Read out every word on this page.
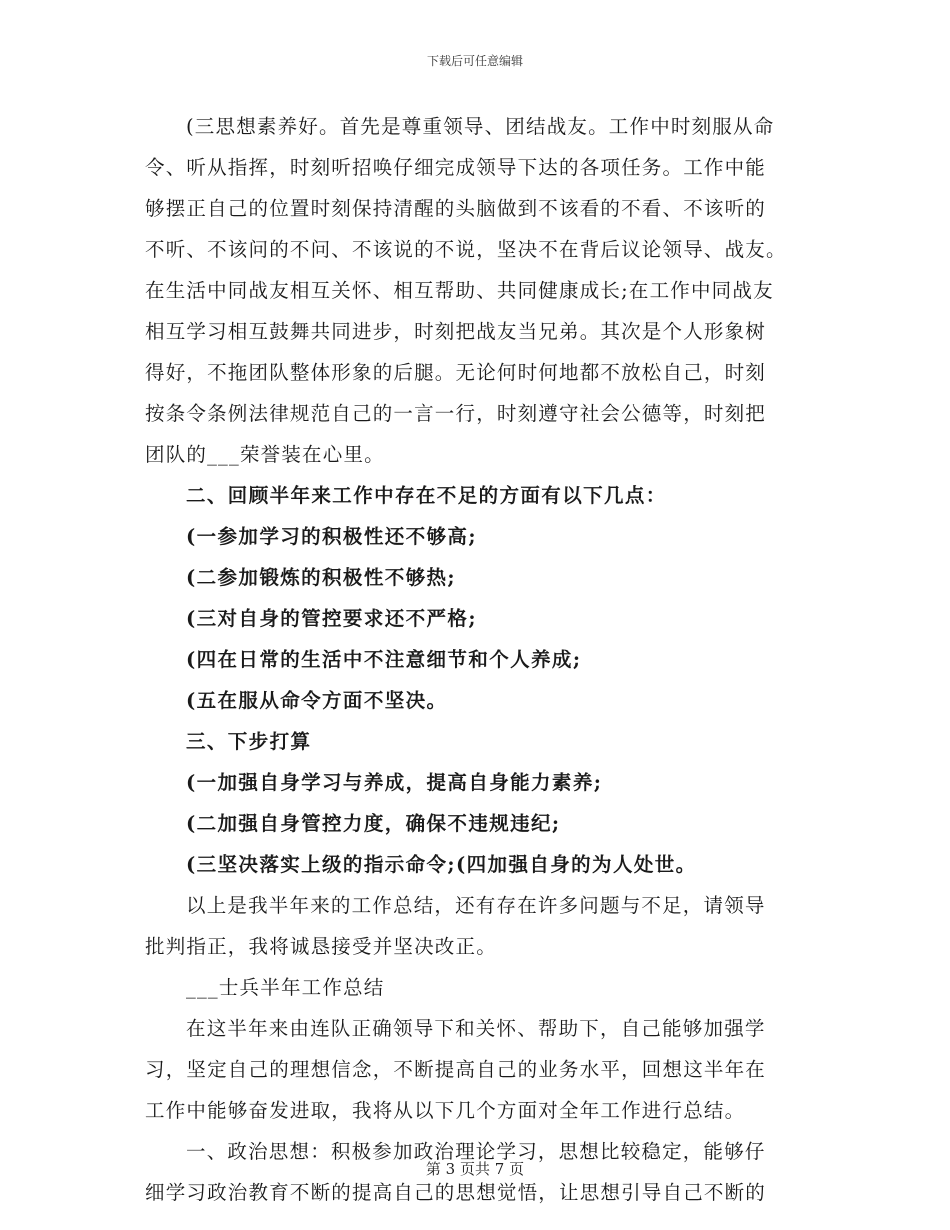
下载后可任意编辑

(三思想素养好。首先是尊重领导、团结战友。工作中时刻服从命

令、听从指挥，时刻听招唤仔细完成领导下达的各项任务。工作中能

够摆正自己的位置时刻保持清醒的头脑做到不该看的不看、不该听的

不听、不该问的不问、不该说的不说，坚决不在背后议论领导、战友。

在生活中同战友相互关怀、相互帮助、共同健康成长;在工作中同战友

相互学习相互鼓舞共同进步，时刻把战友当兄弟。其次是个人形象树

得好，不拖团队整体形象的后腿。无论何时何地都不放松自己，时刻

按条令条例法律规范自己的一言一行，时刻遵守社会公德等，时刻把

团队的___荣誉装在心里。

二、回顾半年来工作中存在不足的方面有以下几点：

(一参加学习的积极性还不够高;

(二参加锻炼的积极性不够热;

(三对自身的管控要求还不严格;

(四在日常的生活中不注意细节和个人养成;

(五在服从命令方面不坚决。

三、下步打算

(一加强自身学习与养成，提高自身能力素养;

(二加强自身管控力度，确保不违规违纪;

(三坚决落实上级的指示命令;(四加强自身的为人处世。

以上是我半年来的工作总结，还有存在许多问题与不足，请领导

批判指正，我将诚恳接受并坚决改正。

___士兵半年工作总结

在这半年来由连队正确领导下和关怀、帮助下，自己能够加强学

习，坚定自己的理想信念，不断提高自己的业务水平，回想这半年在

工作中能够奋发进取，我将从以下几个方面对全年工作进行总结。

一、政治思想：积极参加政治理论学习，思想比较稳定，能够仔

细学习政治教育不断的提高自己的思想觉悟，让思想引导自己不断的

第 3 页共 7 页
